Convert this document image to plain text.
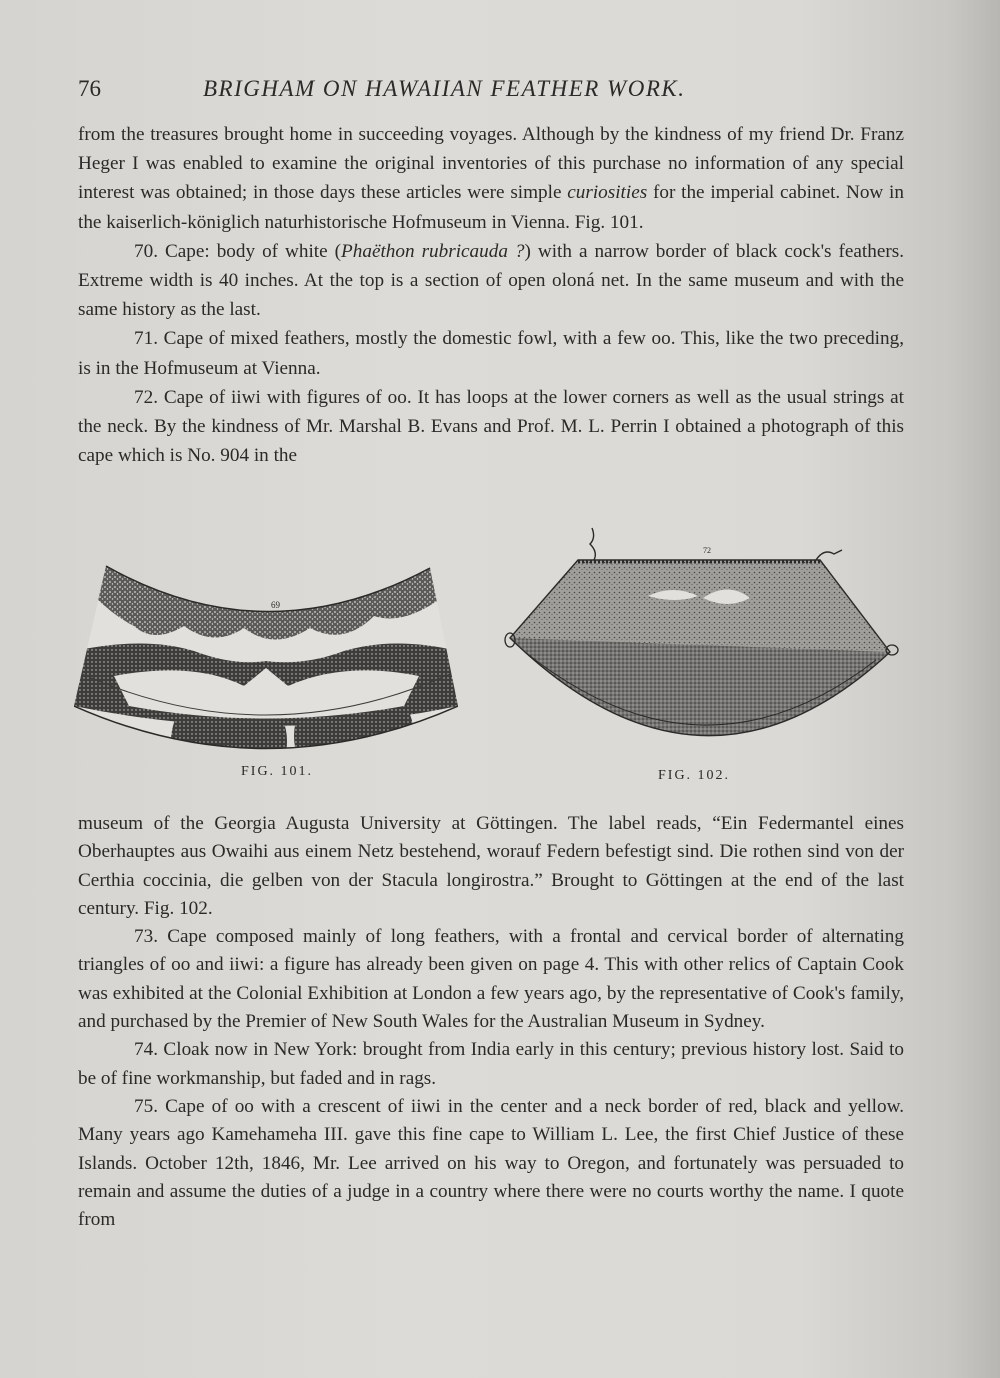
76	BRIGHAM ON HAWAIIAN FEATHER WORK.

from the treasures brought home in succeeding voyages. Although by the kindness of my friend Dr. Franz Heger I was enabled to examine the original inventories of this purchase no information of any special interest was obtained; in those days these articles were simple curiosities for the imperial cabinet. Now in the kaiserlich-königlich naturhistorische Hofmuseum in Vienna. Fig. 101.

70. Cape: body of white (Phaëthon rubricauda ?) with a narrow border of black cock's feathers. Extreme width is 40 inches. At the top is a section of open oloná net. In the same museum and with the same history as the last.

71. Cape of mixed feathers, mostly the domestic fowl, with a few oo. This, like the two preceding, is in the Hofmuseum at Vienna.

72. Cape of iiwi with figures of oo. It has loops at the lower corners as well as the usual strings at the neck. By the kindness of Mr. Marshal B. Evans and Prof. M. L. Perrin I obtained a photograph of this cape which is No. 904 in the

69
FIG. 101.
72
FIG. 102.

museum of the Georgia Augusta University at Göttingen. The label reads, “Ein Federmantel eines Oberhauptes aus Owaihi aus einem Netz bestehend, worauf Federn befestigt sind. Die rothen sind von der Certhia coccinia, die gelben von der Stacula longirostra.” Brought to Göttingen at the end of the last century. Fig. 102.

73. Cape composed mainly of long feathers, with a frontal and cervical border of alternating triangles of oo and iiwi: a figure has already been given on page 4. This with other relics of Captain Cook was exhibited at the Colonial Exhibition at London a few years ago, by the representative of Cook's family, and purchased by the Premier of New South Wales for the Australian Museum in Sydney.

74. Cloak now in New York: brought from India early in this century; previous history lost. Said to be of fine workmanship, but faded and in rags.

75. Cape of oo with a crescent of iiwi in the center and a neck border of red, black and yellow. Many years ago Kamehameha III. gave this fine cape to William L. Lee, the first Chief Justice of these Islands. October 12th, 1846, Mr. Lee arrived on his way to Oregon, and fortunately was persuaded to remain and assume the duties of a judge in a country where there were no courts worthy the name. I quote from
